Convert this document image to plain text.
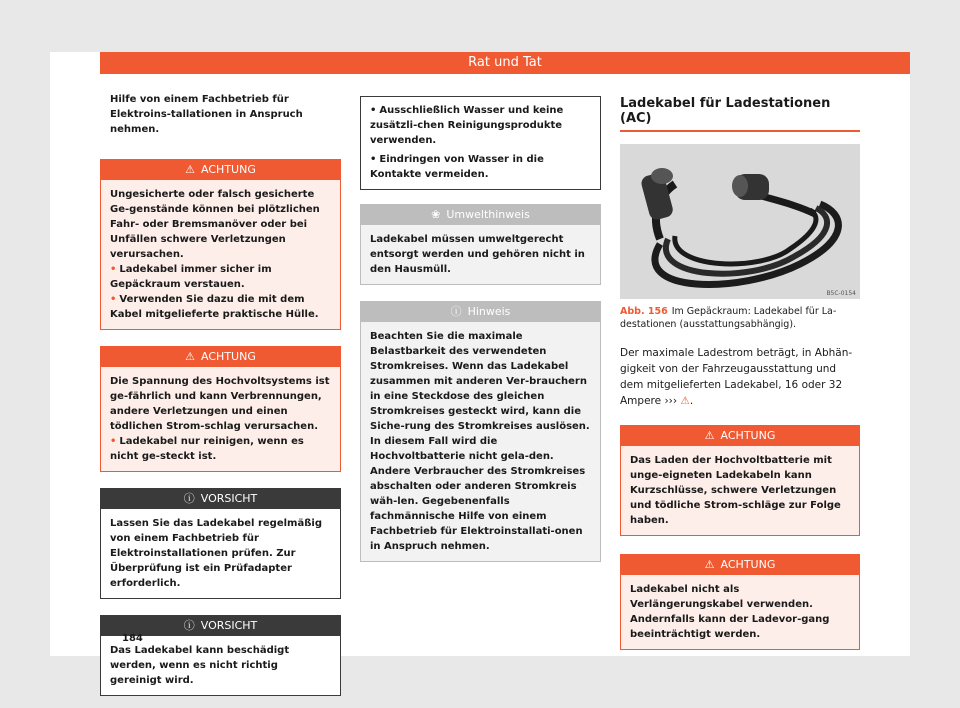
Rat und Tat

Hilfe von einem Fachbetrieb für Elektroins-tallationen in Anspruch nehmen.

⚠ ACHTUNG
Ungesicherte oder falsch gesicherte Ge-genstände können bei plötzlichen Fahr- oder Bremsmanöver oder bei Unfällen schwere Verletzungen verursachen.
• Ladekabel immer sicher im Gepäckraum verstauen.
• Verwenden Sie dazu die mit dem Kabel mitgelieferte praktische Hülle.
⚠ ACHTUNG
Die Spannung des Hochvoltsystems ist ge-fährlich und kann Verbrennungen, andere Verletzungen und einen tödlichen Strom-schlag verursachen.
• Ladekabel nur reinigen, wenn es nicht ge-steckt ist.
ⓘ VORSICHT
Lassen Sie das Ladekabel regelmäßig von einem Fachbetrieb für Elektroinstallationen prüfen. Zur Überprüfung ist ein Prüfadapter erforderlich.
ⓘ VORSICHT
Das Ladekabel kann beschädigt werden, wenn es nicht richtig gereinigt wird.
• Ausschließlich Wasser und keine zusätzli-chen Reinigungsprodukte verwenden.
• Eindringen von Wasser in die Kontakte vermeiden.
❀ Umwelthinweis
Ladekabel müssen umweltgerecht entsorgt werden und gehören nicht in den Hausmüll.
ⓘ Hinweis
Beachten Sie die maximale Belastbarkeit des verwendeten Stromkreises. Wenn das Ladekabel zusammen mit anderen Ver-brauchern in eine Steckdose des gleichen Stromkreises gesteckt wird, kann die Siche-rung des Stromkreises auslösen. In diesem Fall wird die Hochvoltbatterie nicht gela-den. Andere Verbraucher des Stromkreises abschalten oder anderen Stromkreis wäh-len. Gegebenenfalls fachmännische Hilfe von einem Fachbetrieb für Elektroinstallati-onen in Anspruch nehmen.
Ladekabel für Ladestationen (AC)
B5C-0154
Abb. 156 Im Gepäckraum: Ladekabel für La-destationen (ausstattungsabhängig).
Der maximale Ladestrom beträgt, in Abhän-gigkeit von der Fahrzeugausstattung und dem mitgelieferten Ladekabel, 16 oder 32 Ampere ››› ⚠.
⚠ ACHTUNG
Das Laden der Hochvoltbatterie mit unge-eigneten Ladekabeln kann Kurzschlüsse, schwere Verletzungen und tödliche Strom-schläge zur Folge haben.
⚠ ACHTUNG
Ladekabel nicht als Verlängerungskabel verwenden. Andernfalls kann der Ladevor-gang beeinträchtigt werden.
184
